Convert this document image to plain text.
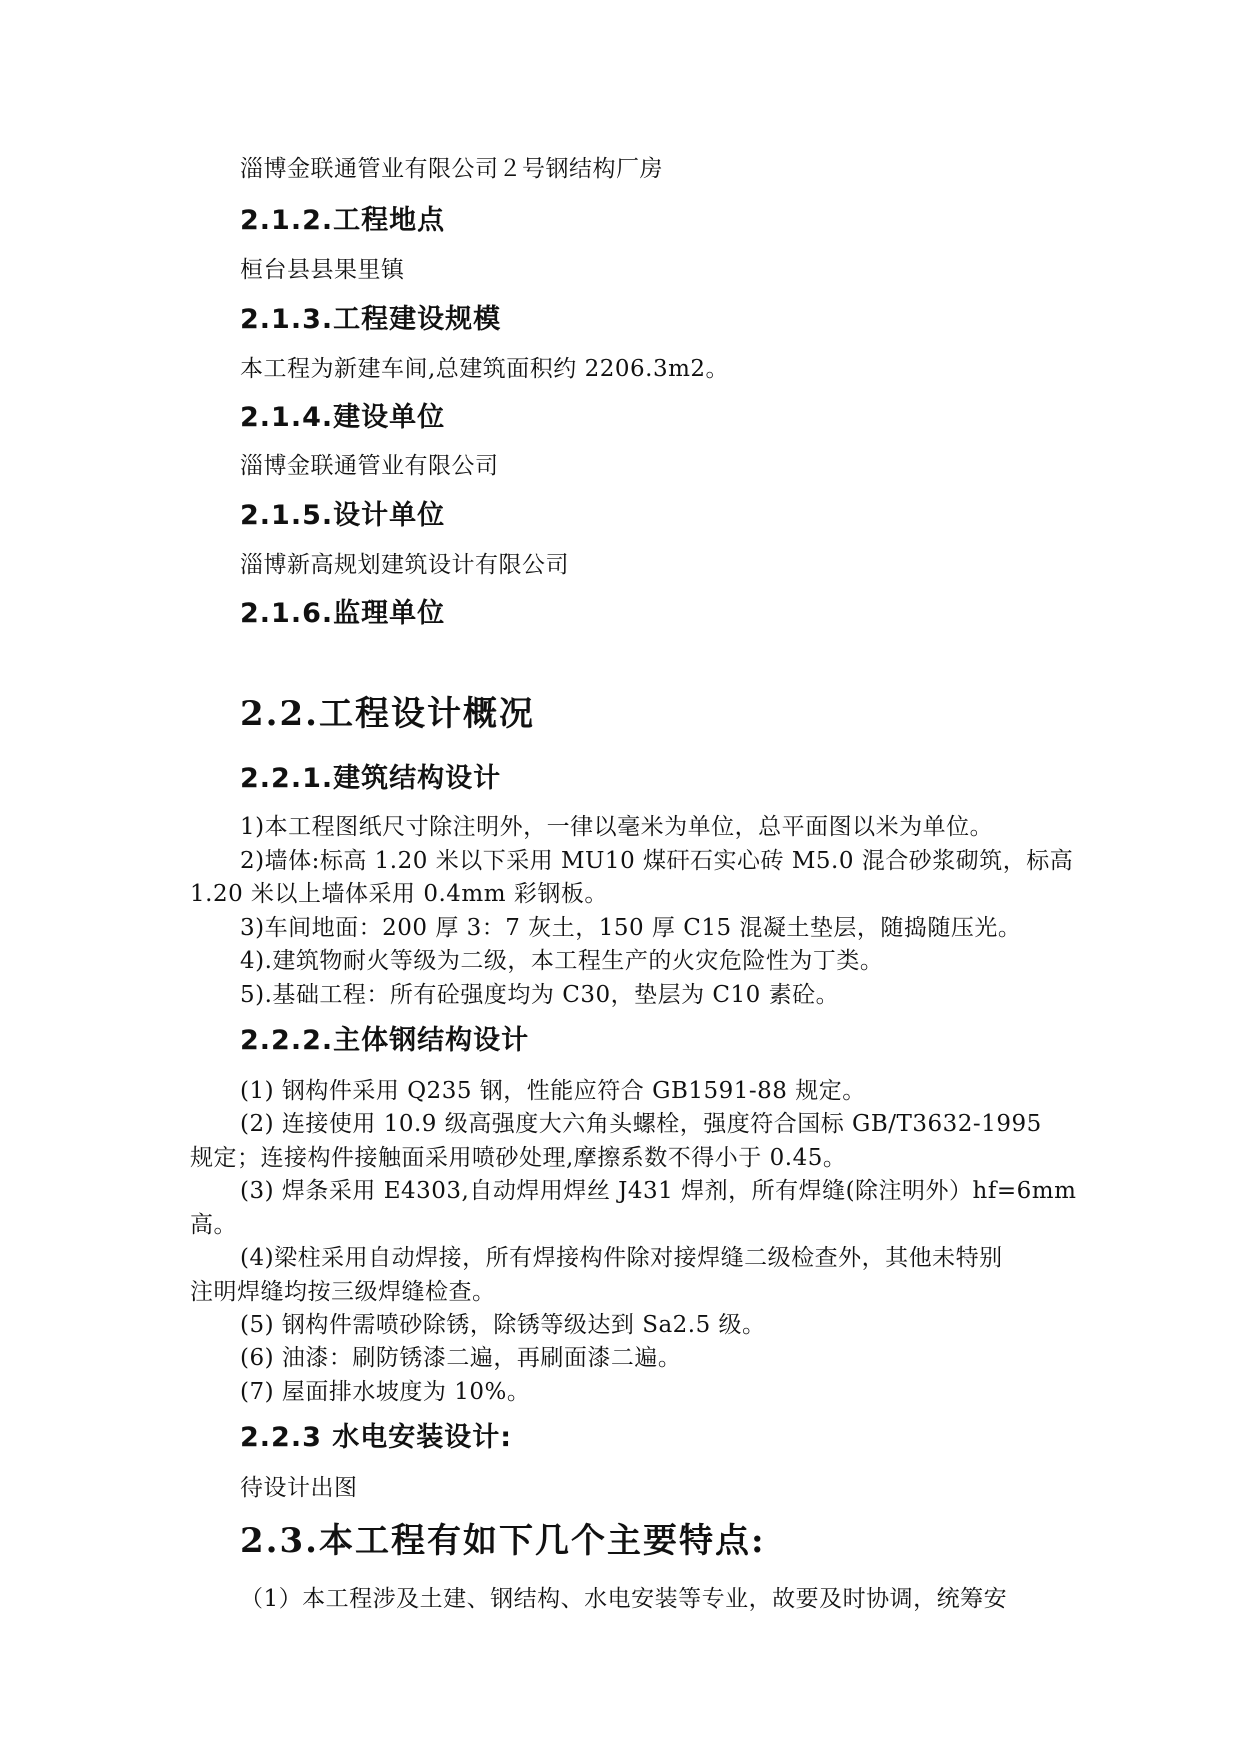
淄博金联通管业有限公司２号钢结构厂房

2.1.2.工程地点

桓台县县果里镇

2.1.3.工程建设规模

本工程为新建车间,总建筑面积约 2206.3m2。

2.1.4.建设单位

淄博金联通管业有限公司

2.1.5.设计单位

淄博新高规划建筑设计有限公司

2.1.6.监理单位

2.2.工程设计概况

2.2.1.建筑结构设计

1)本工程图纸尺寸除注明外，一律以毫米为单位，总平面图以米为单位。

2)墙体:标高 1.20 米以下采用 MU10 煤矸石实心砖 M5.0 混合砂浆砌筑，标高

1.20 米以上墙体采用 0.4mm 彩钢板。

3)车间地面：200 厚 3：7 灰土，150 厚 C15 混凝土垫层，随捣随压光。

4).建筑物耐火等级为二级，本工程生产的火灾危险性为丁类。

5).基础工程：所有砼强度均为 C30，垫层为 C10 素砼。

2.2.2.主体钢结构设计

(1) 钢构件采用 Q235 钢，性能应符合 GB1591-88 规定。

(2) 连接使用 10.9 级高强度大六角头螺栓，强度符合国标 GB/T3632-1995

规定；连接构件接触面采用喷砂处理,摩擦系数不得小于 0.45。

(3) 焊条采用 E4303,自动焊用焊丝 J431 焊剂，所有焊缝(除注明外）hf=6mm

高。

(4)梁柱采用自动焊接，所有焊接构件除对接焊缝二级检查外，其他未特别

注明焊缝均按三级焊缝检查。

(5) 钢构件需喷砂除锈，除锈等级达到 Sa2.5 级。

(6) 油漆：刷防锈漆二遍，再刷面漆二遍。

(7) 屋面排水坡度为 10%。

2.2.3 水电安装设计:

待设计出图

2.3.本工程有如下几个主要特点:

（1）本工程涉及土建、钢结构、水电安装等专业，故要及时协调，统筹安
